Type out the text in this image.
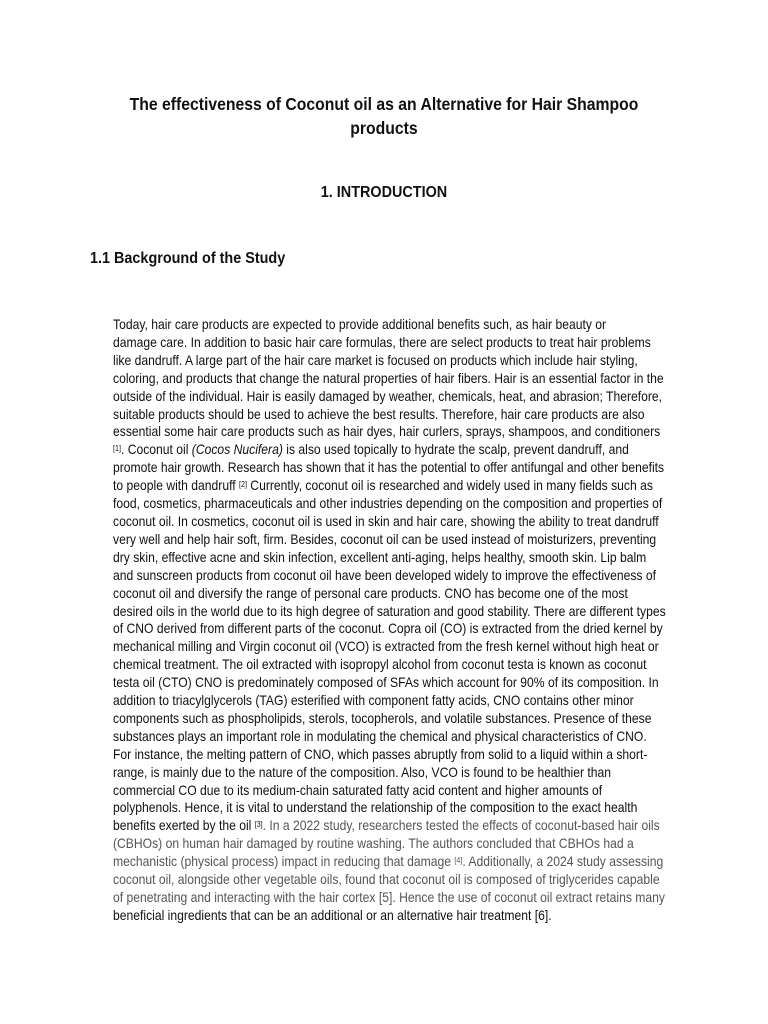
The effectiveness of Coconut oil as an Alternative for Hair Shampoo
products
1. INTRODUCTION
1.1 Background of the Study
Today, hair care products are expected to provide additional benefits such, as hair beauty or
damage care. In addition to basic hair care formulas, there are select products to treat hair problems
like dandruff. A large part of the hair care market is focused on products which include hair styling,
coloring, and products that change the natural properties of hair fibers. Hair is an essential factor in the
outside of the individual. Hair is easily damaged by weather, chemicals, heat, and abrasion; Therefore,
suitable products should be used to achieve the best results. Therefore, hair care products are also
essential some hair care products such as hair dyes, hair curlers, sprays, shampoos, and conditioners
[1]. Coconut oil (Cocos Nucifera) is also used topically to hydrate the scalp, prevent dandruff, and
promote hair growth. Research has shown that it has the potential to offer antifungal and other benefits
to people with dandruff [2] Currently, coconut oil is researched and widely used in many fields such as
food, cosmetics, pharmaceuticals and other industries depending on the composition and properties of
coconut oil. In cosmetics, coconut oil is used in skin and hair care, showing the ability to treat dandruff
very well and help hair soft, firm. Besides, coconut oil can be used instead of moisturizers, preventing
dry skin, effective acne and skin infection, excellent anti-aging, helps healthy, smooth skin. Lip balm
and sunscreen products from coconut oil have been developed widely to improve the effectiveness of
coconut oil and diversify the range of personal care products. CNO has become one of the most
desired oils in the world due to its high degree of saturation and good stability. There are different types
of CNO derived from different parts of the coconut. Copra oil (CO) is extracted from the dried kernel by
mechanical milling and Virgin coconut oil (VCO) is extracted from the fresh kernel without high heat or
chemical treatment. The oil extracted with isopropyl alcohol from coconut testa is known as coconut
testa oil (CTO) CNO is predominately composed of SFAs which account for 90% of its composition. In
addition to triacylglycerols (TAG) esterified with component fatty acids, CNO contains other minor
components such as phospholipids, sterols, tocopherols, and volatile substances. Presence of these
substances plays an important role in modulating the chemical and physical characteristics of CNO.
For instance, the melting pattern of CNO, which passes abruptly from solid to a liquid within a short-
range, is mainly due to the nature of the composition. Also, VCO is found to be healthier than
commercial CO due to its medium-chain saturated fatty acid content and higher amounts of
polyphenols. Hence, it is vital to understand the relationship of the composition to the exact health
benefits exerted by the oil [3]. In a 2022 study, researchers tested the effects of coconut-based hair oils
(CBHOs) on human hair damaged by routine washing. The authors concluded that CBHOs had a
mechanistic (physical process) impact in reducing that damage [4]. Additionally, a 2024 study assessing
coconut oil, alongside other vegetable oils, found that coconut oil is composed of triglycerides capable
of penetrating and interacting with the hair cortex [5]. Hence the use of coconut oil extract retains many
beneficial ingredients that can be an additional or an alternative hair treatment [6].
